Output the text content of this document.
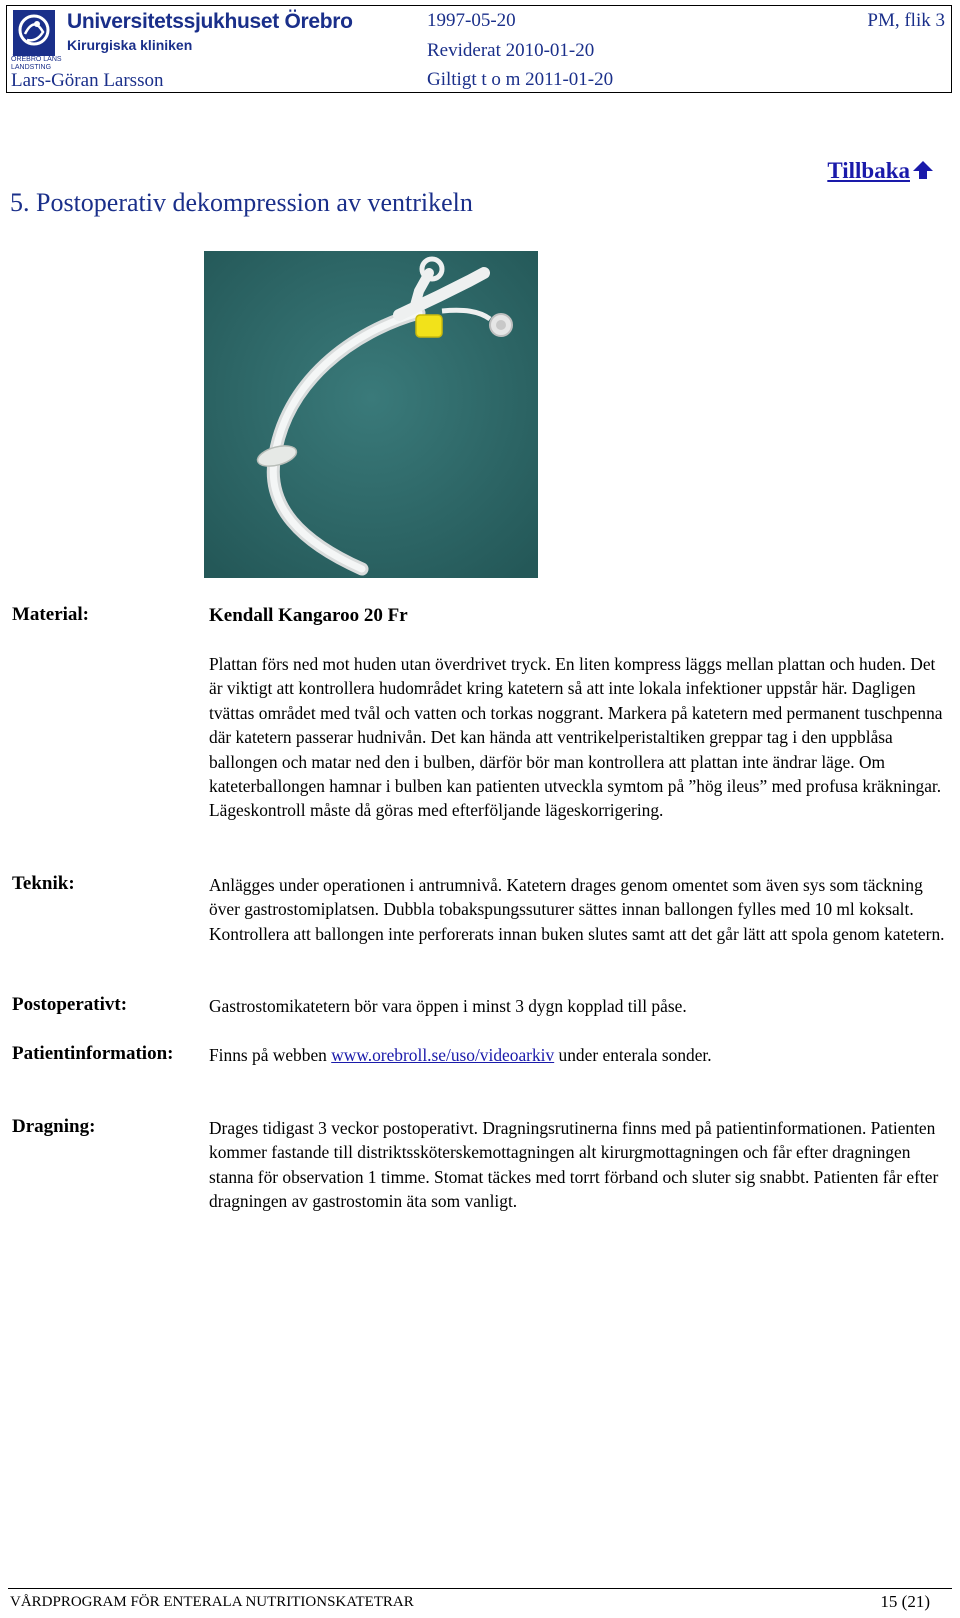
ÖREBRO LÄNS
LANDSTING
Universitetssjukhuset Örebro
Kirurgiska kliniken
Lars-Göran Larsson
1997-05-20
Reviderat 2010-01-20
Giltigt t o m 2011-01-20
PM, flik 3
Tillbaka
5. Postoperativ dekompression av ventrikeln
Material:	Kendall Kangaroo 20 Fr

Plattan förs ned mot huden utan överdrivet tryck. En liten kompress läggs mellan plattan och huden. Det är viktigt att kontrollera hudområdet kring katetern så att inte lokala infektioner uppstår här. Dagligen tvättas området med tvål och vatten och torkas noggrant. Markera på katetern med permanent tuschpenna där katetern passerar hudnivån. Det kan hända att ventrikelperistaltiken greppar tag i den uppblåsa ballongen och matar ned den i bulben, därför bör man kontrollera att plattan inte ändrar läge. Om kateterballongen hamnar i bulben kan patienten utveckla symtom på ”hög ileus” med profusa kräkningar. Lägeskontroll måste då göras med efterföljande lägeskorrigering.

Teknik:	Anlägges under operationen i antrumnivå. Katetern drages genom omentet som även sys som täckning över gastrostomiplatsen. Dubbla tobakspungssuturer sättes innan ballongen fylles med 10 ml koksalt. Kontrollera att ballongen inte perforerats innan buken slutes samt att det går lätt att spola genom katetern.

Postoperativt:	Gastrostomikatetern bör vara öppen i minst 3 dygn kopplad till påse.

Patientinformation: Finns på webben www.orebroll.se/uso/videoarkiv under enterala sonder.

Dragning:	Drages tidigast 3 veckor postoperativt. Dragningsrutinerna finns med på patientinformationen. Patienten kommer fastande till distriktssköterskemottagningen alt kirurgmottagningen och får efter dragningen stanna för observation 1 timme. Stomat täckes med torrt förband och sluter sig snabbt. Patienten får efter dragningen av gastrostomin äta som vanligt.

VÅRDPROGRAM FÖR ENTERALA NUTRITIONSKATETRAR	15 (21)
